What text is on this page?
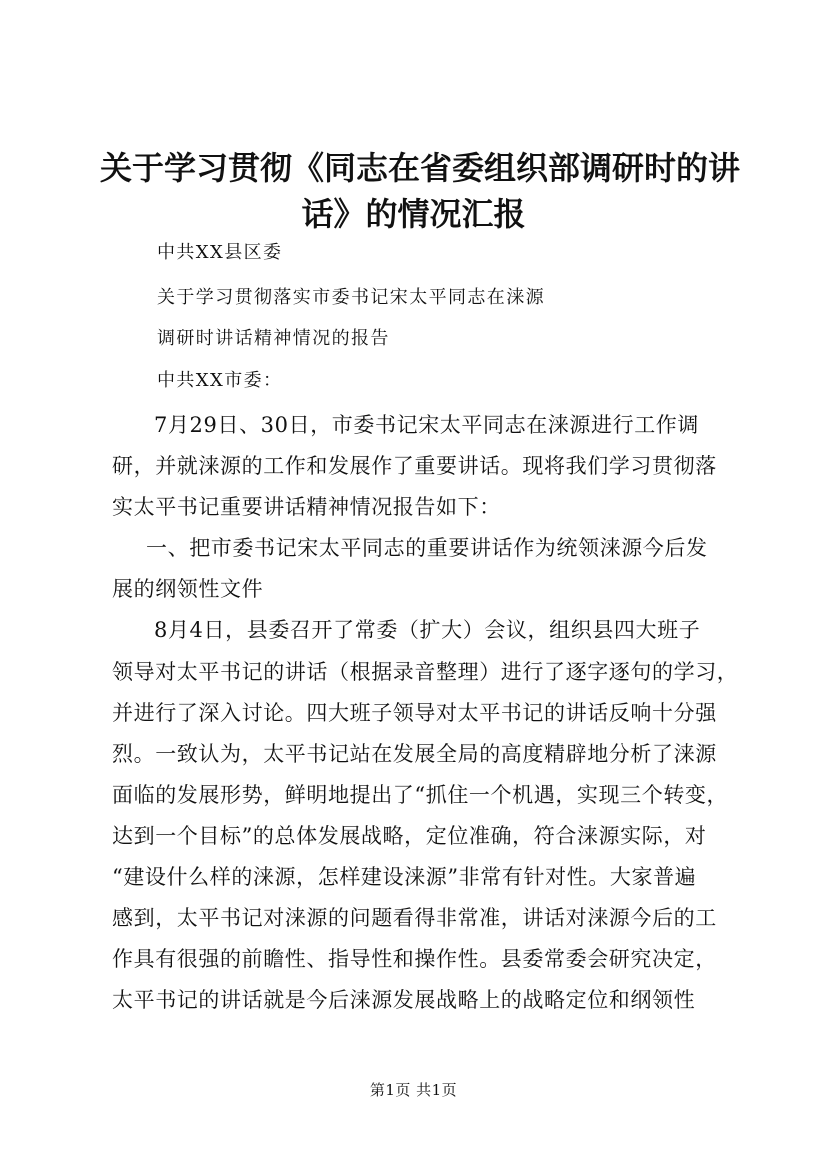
关于学习贯彻《同志在省委组织部调研时的讲
话》的情况汇报

中共XX县区委

关于学习贯彻落实市委书记宋太平同志在涞源

调研时讲话精神情况的报告

中共XX市委：

7月29日、30日，市委书记宋太平同志在涞源进行工作调
研，并就涞源的工作和发展作了重要讲话。现将我们学习贯彻落
实太平书记重要讲话精神情况报告如下：
一、把市委书记宋太平同志的重要讲话作为统领涞源今后发
展的纲领性文件
8月4日，县委召开了常委（扩大）会议，组织县四大班子
领导对太平书记的讲话（根据录音整理）进行了逐字逐句的学习，
并进行了深入讨论。四大班子领导对太平书记的讲话反响十分强
烈。一致认为，太平书记站在发展全局的高度精辟地分析了涞源
面临的发展形势，鲜明地提出了“抓住一个机遇，实现三个转变，
达到一个目标”的总体发展战略，定位准确，符合涞源实际，对
“建设什么样的涞源，怎样建设涞源”非常有针对性。大家普遍
感到，太平书记对涞源的问题看得非常准，讲话对涞源今后的工
作具有很强的前瞻性、指导性和操作性。县委常委会研究决定，
太平书记的讲话就是今后涞源发展战略上的战略定位和纲领性
第1页 共1页
